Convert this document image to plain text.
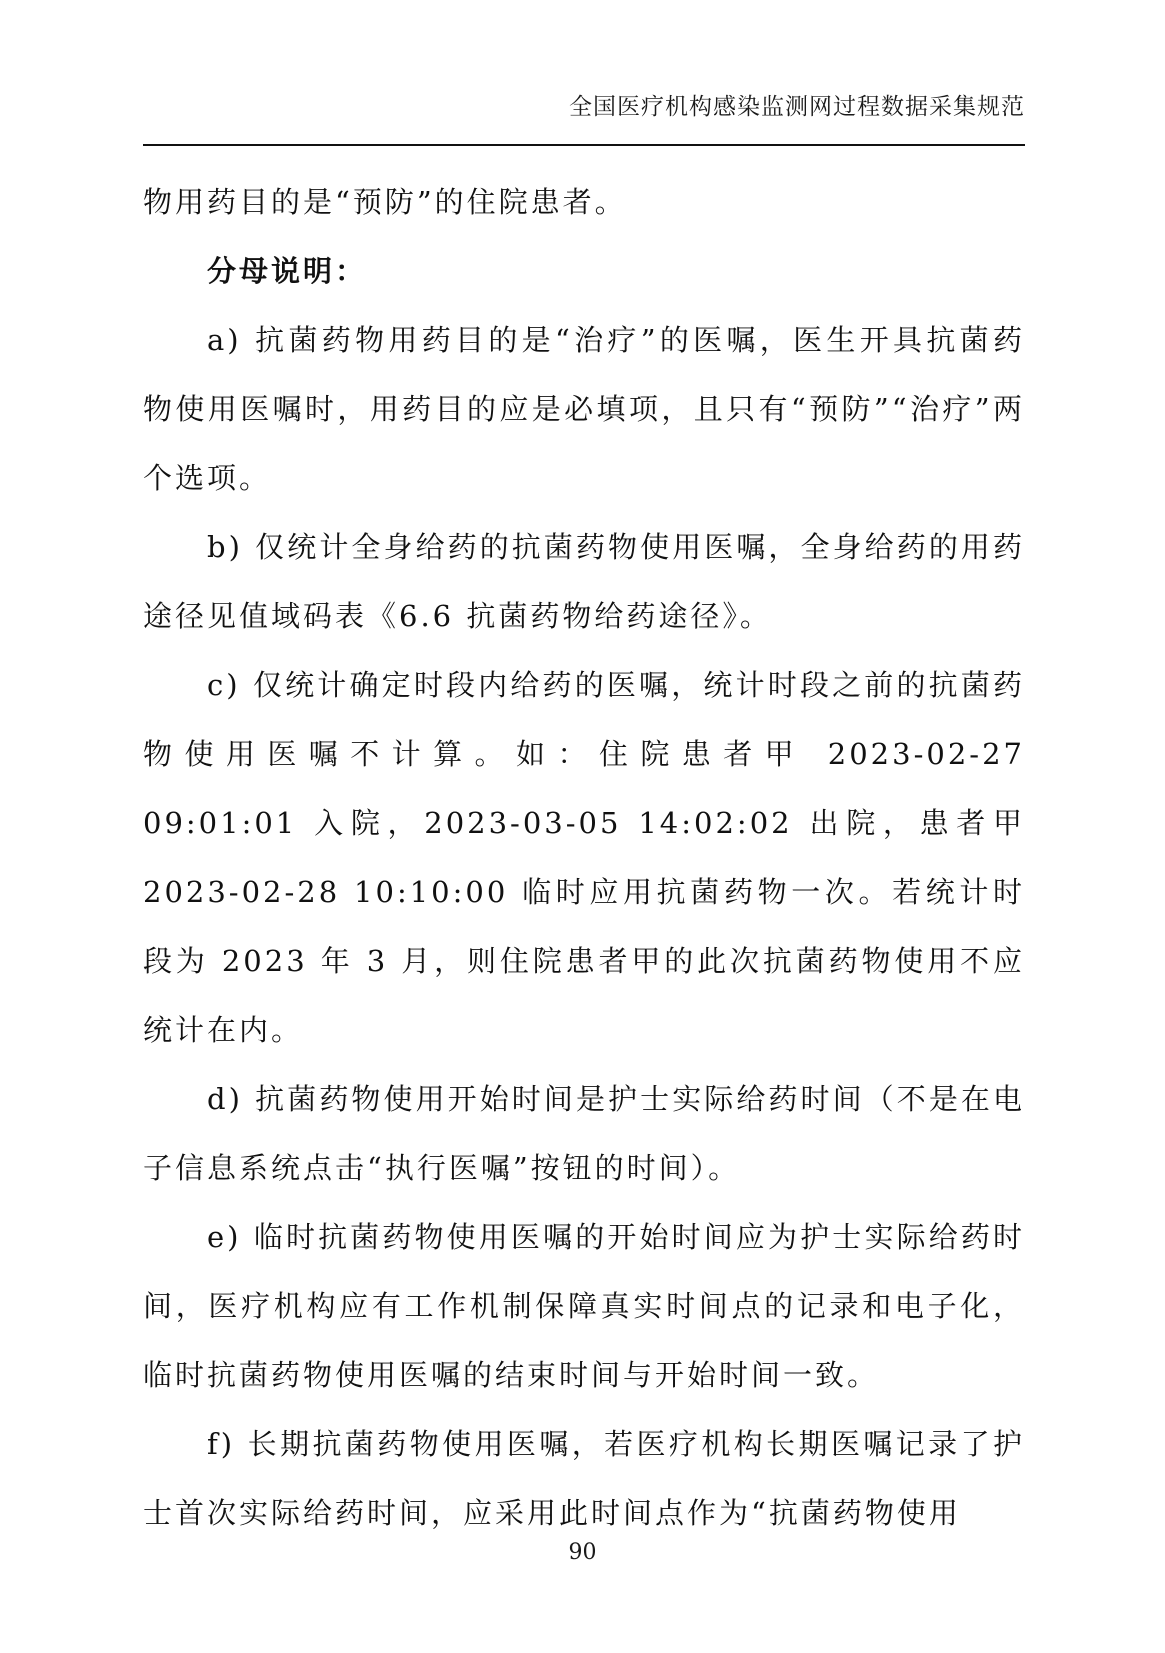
全国医疗机构感染监测网过程数据采集规范

物用药目的是“预防”的住院患者。

分母说明：

a) 抗菌药物用药目的是“治疗”的医嘱，医生开具抗菌药物使用医嘱时，用药目的应是必填项，且只有“预防”“治疗”两个选项。

b) 仅统计全身给药的抗菌药物使用医嘱，全身给药的用药途径见值域码表《6.6 抗菌药物给药途径》。

c) 仅统计确定时段内给药的医嘱，统计时段之前的抗菌药物使用医嘱不计算。如：住院患者甲 2023-02-27 09:01:01 入院，2023-03-05 14:02:02 出院，患者甲 2023-02-28 10:10:00 临时应用抗菌药物一次。若统计时段为 2023 年 3 月，则住院患者甲的此次抗菌药物使用不应统计在内。

d) 抗菌药物使用开始时间是护士实际给药时间（不是在电子信息系统点击“执行医嘱”按钮的时间）。

e) 临时抗菌药物使用医嘱的开始时间应为护士实际给药时间，医疗机构应有工作机制保障真实时间点的记录和电子化，临时抗菌药物使用医嘱的结束时间与开始时间一致。

f) 长期抗菌药物使用医嘱，若医疗机构长期医嘱记录了护士首次实际给药时间，应采用此时间点作为“抗菌药物使用

90
